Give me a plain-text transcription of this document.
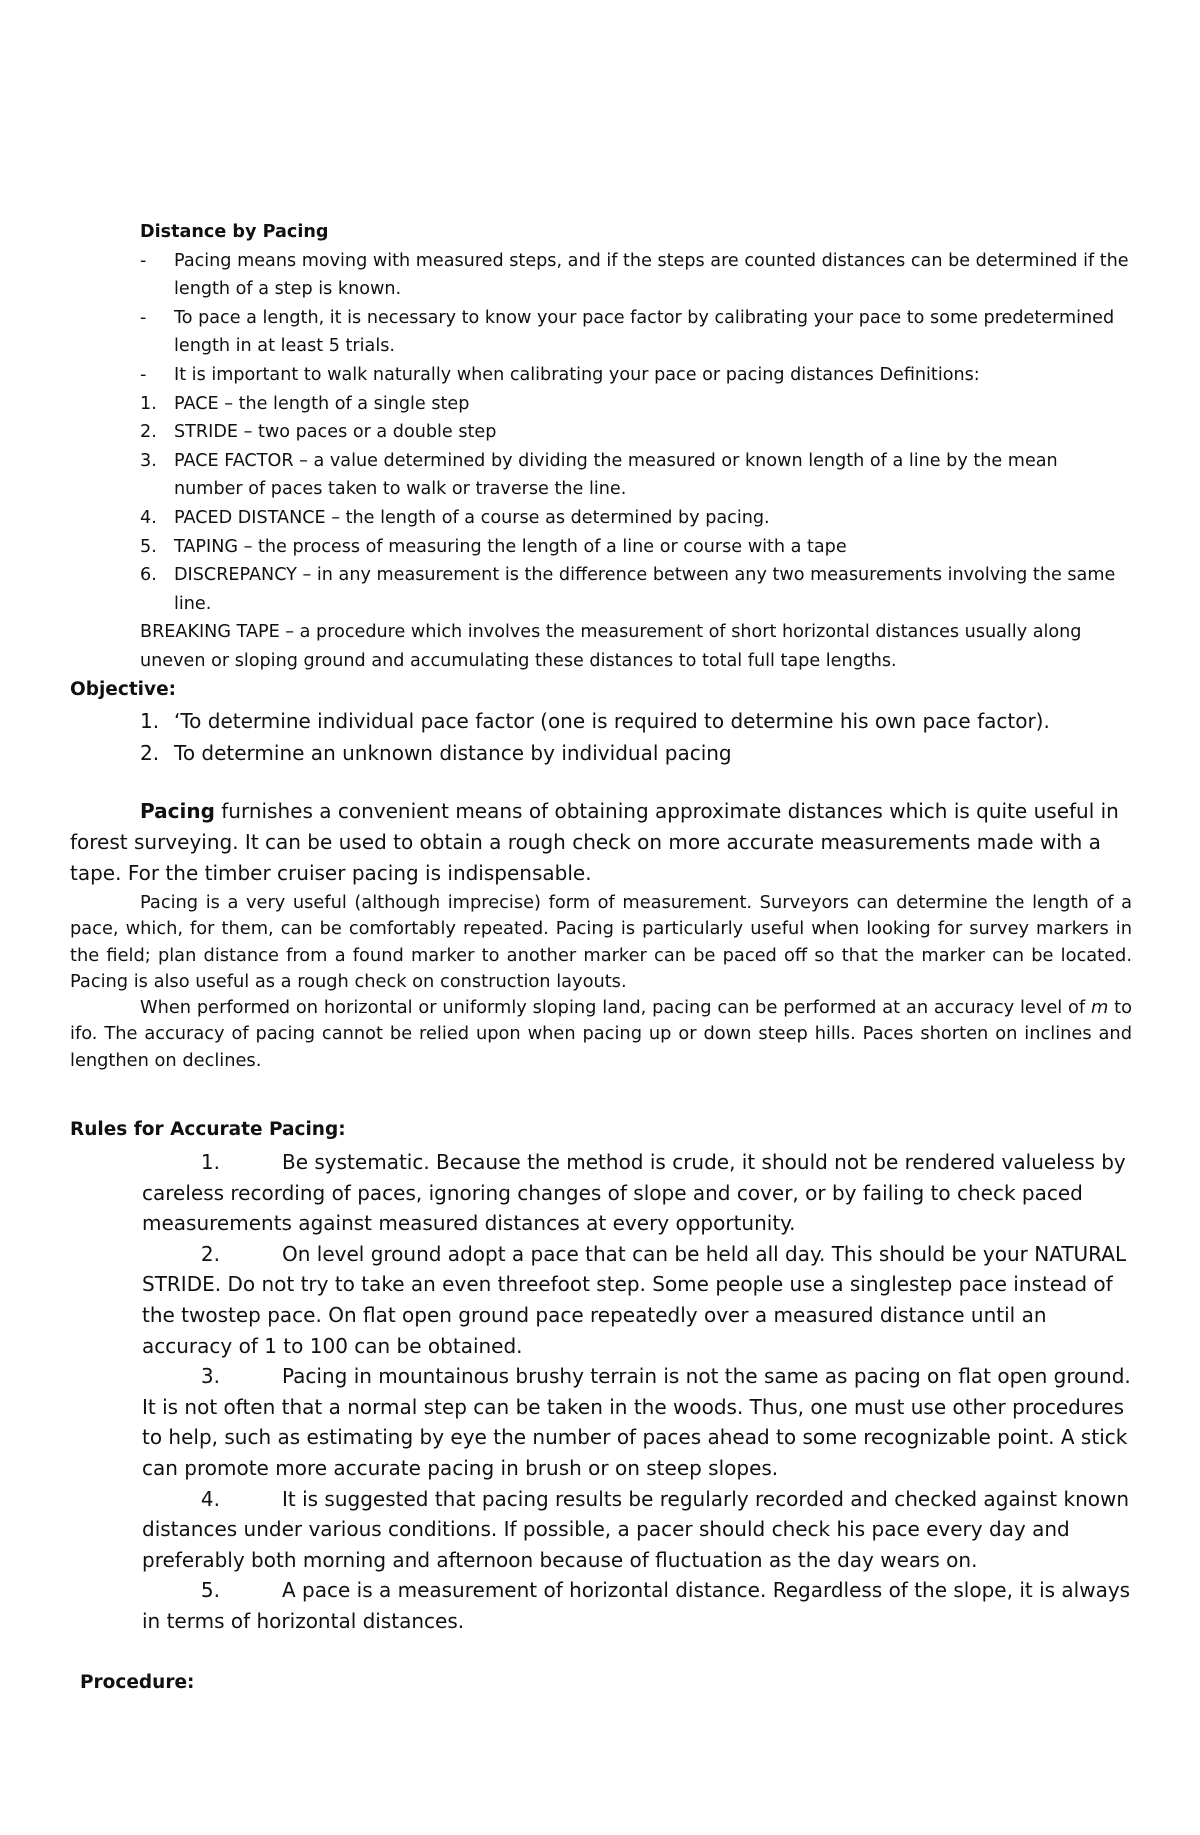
Distance by Pacing

-	Pacing means moving with measured steps, and if the steps are counted distances can be determined if the length of a step is known.
-	To pace a length, it is necessary to know your pace factor by calibrating your pace to some predetermined length in at least 5 trials.
-	It is important to walk naturally when calibrating your pace or pacing distances Definitions:
1. PACE – the length of a single step
2. STRIDE – two paces or a double step
3. PACE FACTOR – a value determined by dividing the measured or known length of a line by the mean number of paces taken to walk or traverse the line.
4. PACED DISTANCE – the length of a course as determined by pacing.
5. TAPING – the process of measuring the length of a line or course with a tape
6. DISCREPANCY – in any measurement is the difference between any two measurements involving the same line.

BREAKING TAPE – a procedure which involves the measurement of short horizontal distances usually along uneven or sloping ground and accumulating these distances to total full tape lengths.

Objective:
1. ‘To determine individual pace factor (one is required to determine his own pace factor).
2. To determine an unknown distance by individual pacing
Pacing furnishes a convenient means of obtaining approximate distances which is quite useful in forest surveying. It can be used to obtain a rough check on more accurate measurements made with a tape. For the timber cruiser pacing is indispensable.

Pacing is a very useful (although imprecise) form of measurement. Surveyors can determine the length of a pace, which, for them, can be comfortably repeated. Pacing is particularly useful when looking for survey markers in the field; plan distance from a found marker to another marker can be paced off so that the marker can be located. Pacing is also useful as a rough check on construction layouts.

When performed on horizontal or uniformly sloping land, pacing can be performed at an accuracy level of m to ifo. The accuracy of pacing cannot be relied upon when pacing up or down steep hills. Paces shorten on inclines and lengthen on declines.

Rules for Accurate Pacing:

1.	Be systematic. Because the method is crude, it should not be rendered valueless by careless recording of paces, ignoring changes of slope and cover, or by failing to check paced measurements against measured distances at every opportunity.

2.	On level ground adopt a pace that can be held all day. This should be your NATURAL STRIDE. Do not try to take an even threefoot step. Some people use a singlestep pace instead of the twostep pace. On flat open ground pace repeatedly over a measured distance until an accuracy of 1 to 100 can be obtained.

3.	Pacing in mountainous brushy terrain is not the same as pacing on flat open ground. It is not often that a normal step can be taken in the woods. Thus, one must use other procedures to help, such as estimating by eye the number of paces ahead to some recognizable point. A stick can promote more accurate pacing in brush or on steep slopes.

4.	It is suggested that pacing results be regularly recorded and checked against known distances under various conditions. If possible, a pacer should check his pace every day and preferably both morning and afternoon because of fluctuation as the day wears on.

5.	A pace is a measurement of horizontal distance. Regardless of the slope, it is always in terms of horizontal distances.

Procedure:
